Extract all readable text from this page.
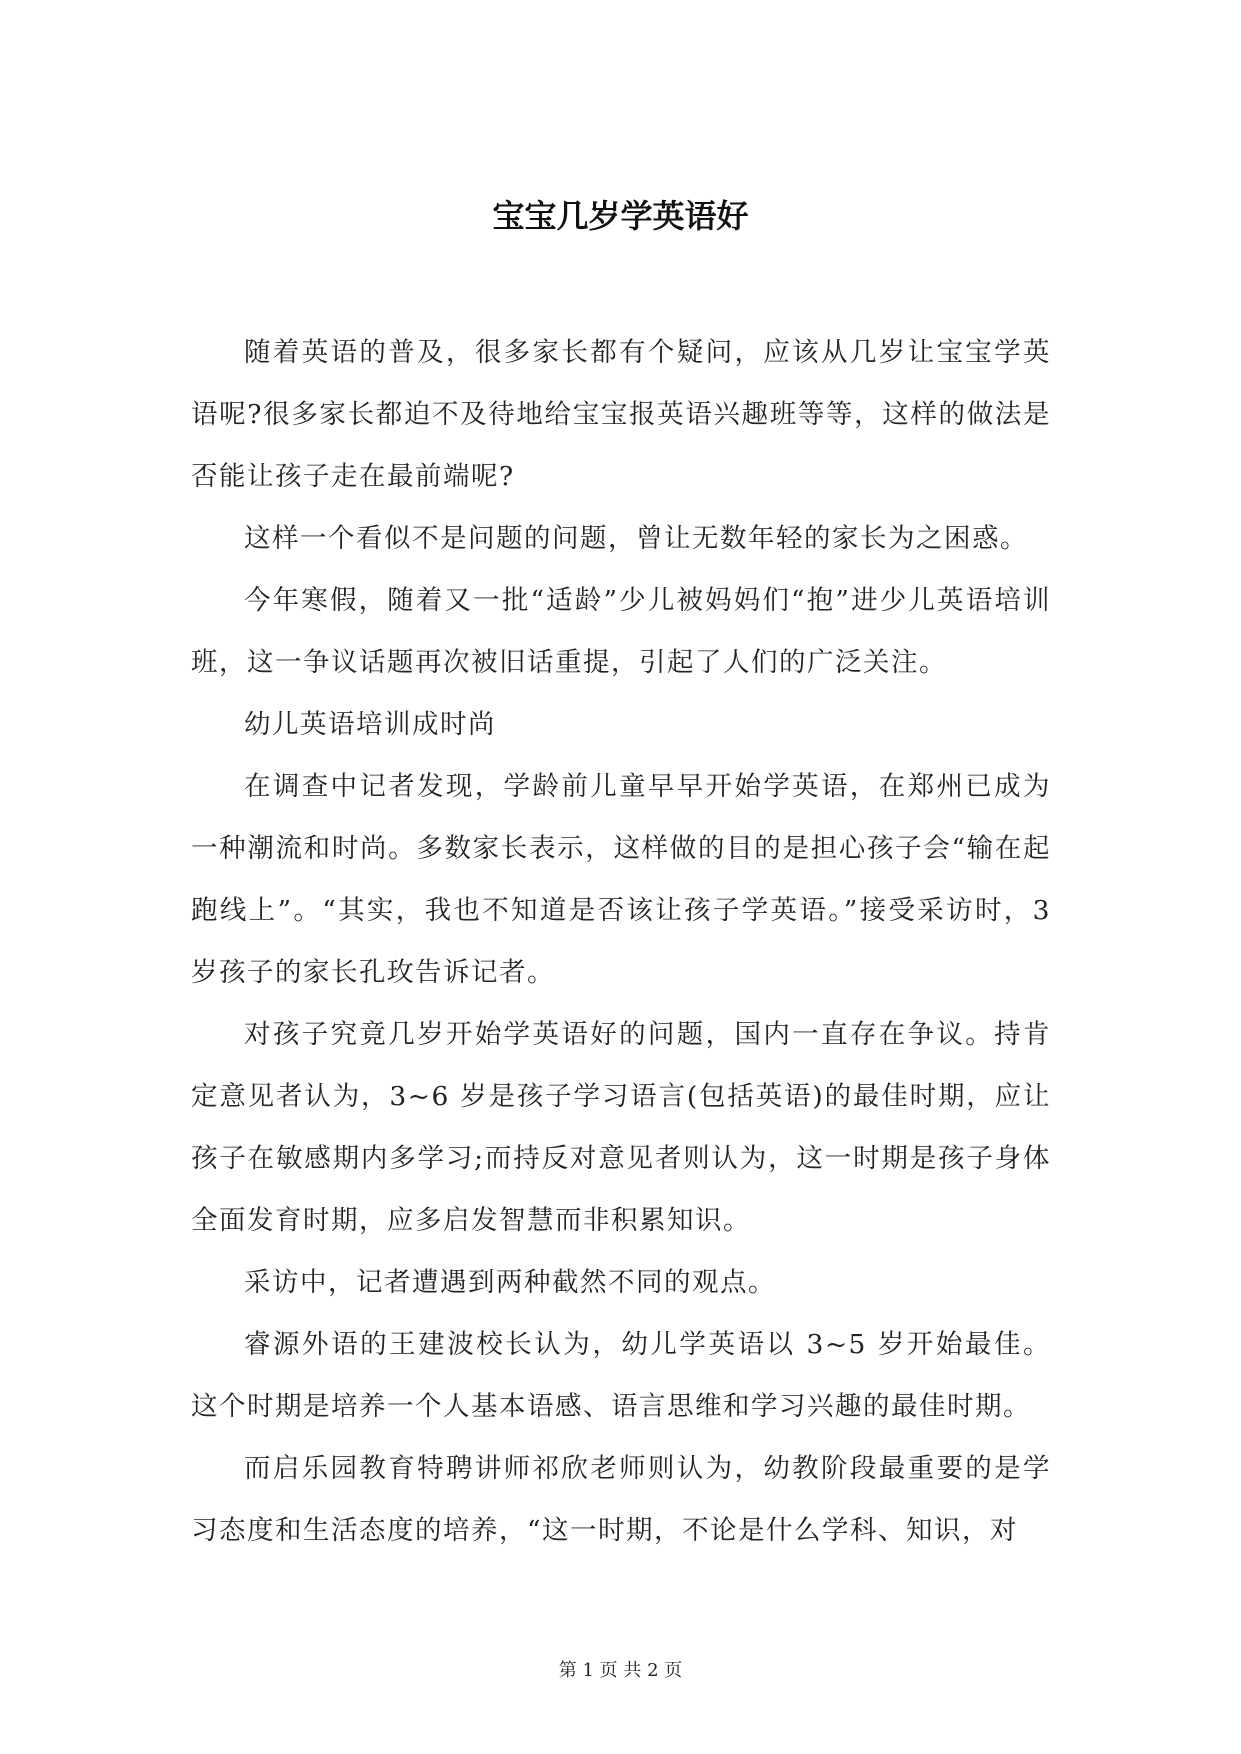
宝宝几岁学英语好

随着英语的普及，很多家长都有个疑问，应该从几岁让宝宝学英语呢?很多家长都迫不及待地给宝宝报英语兴趣班等等，这样的做法是否能让孩子走在最前端呢?

这样一个看似不是问题的问题，曾让无数年轻的家长为之困惑。

今年寒假，随着又一批“适龄”少儿被妈妈们“抱”进少儿英语培训班，这一争议话题再次被旧话重提，引起了人们的广泛关注。

幼儿英语培训成时尚

在调查中记者发现，学龄前儿童早早开始学英语，在郑州已成为一种潮流和时尚。多数家长表示，这样做的目的是担心孩子会“输在起跑线上”。“其实，我也不知道是否该让孩子学英语。”接受采访时，3 岁孩子的家长孔玫告诉记者。

对孩子究竟几岁开始学英语好的问题，国内一直存在争议。持肯定意见者认为，3~6 岁是孩子学习语言(包括英语)的最佳时期，应让孩子在敏感期内多学习;而持反对意见者则认为，这一时期是孩子身体全面发育时期，应多启发智慧而非积累知识。

采访中，记者遭遇到两种截然不同的观点。

睿源外语的王建波校长认为，幼儿学英语以 3~5 岁开始最佳。这个时期是培养一个人基本语感、语言思维和学习兴趣的最佳时期。

而启乐园教育特聘讲师祁欣老师则认为，幼教阶段最重要的是学习态度和生活态度的培养，“这一时期，不论是什么学科、知识，对

第 1 页 共 2 页
